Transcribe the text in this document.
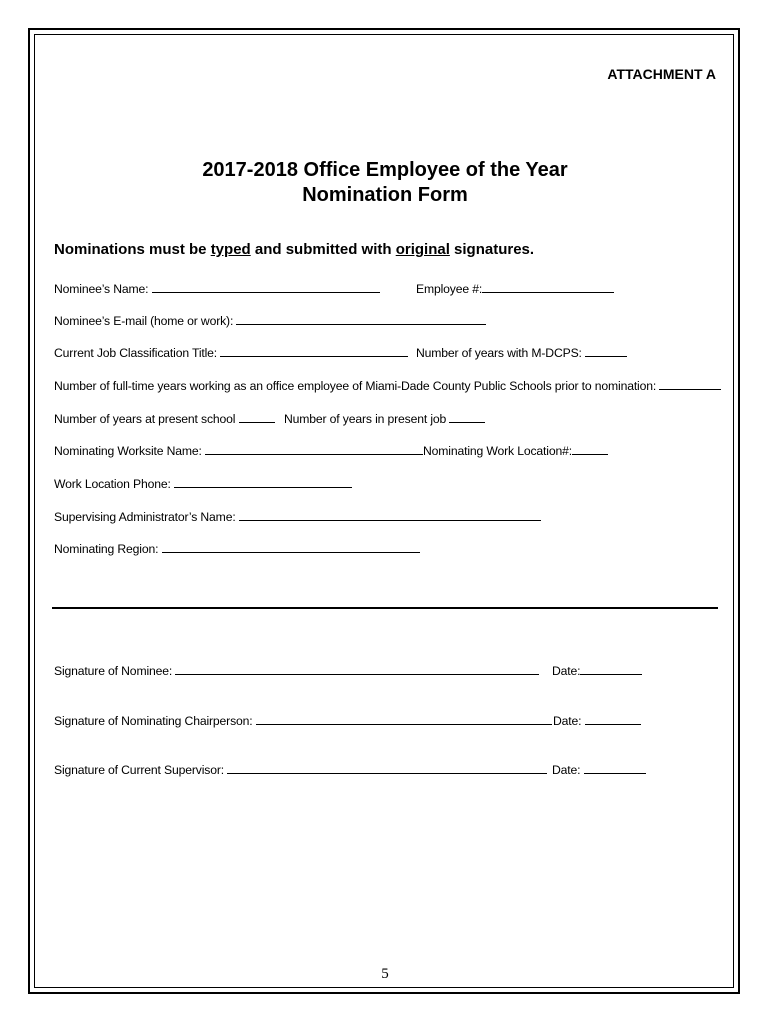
ATTACHMENT A
2017-2018 Office Employee of the Year
Nomination Form
Nominations must be typed and submitted with original signatures.
Nominee’s Name:	Employee #:
Nominee’s E-mail (home or work):
Current Job Classification Title:	Number of years with M-DCPS:
Number of full-time years working as an office employee of Miami-Dade County Public Schools prior to nomination:
Number of years at present school	Number of years in present job
Nominating Worksite Name:	Nominating Work Location#:
Work Location Phone:
Supervising Administrator’s Name:
Nominating Region:
Signature of Nominee:	Date:
Signature of Nominating Chairperson:	Date:
Signature of Current Supervisor:	Date:
5
